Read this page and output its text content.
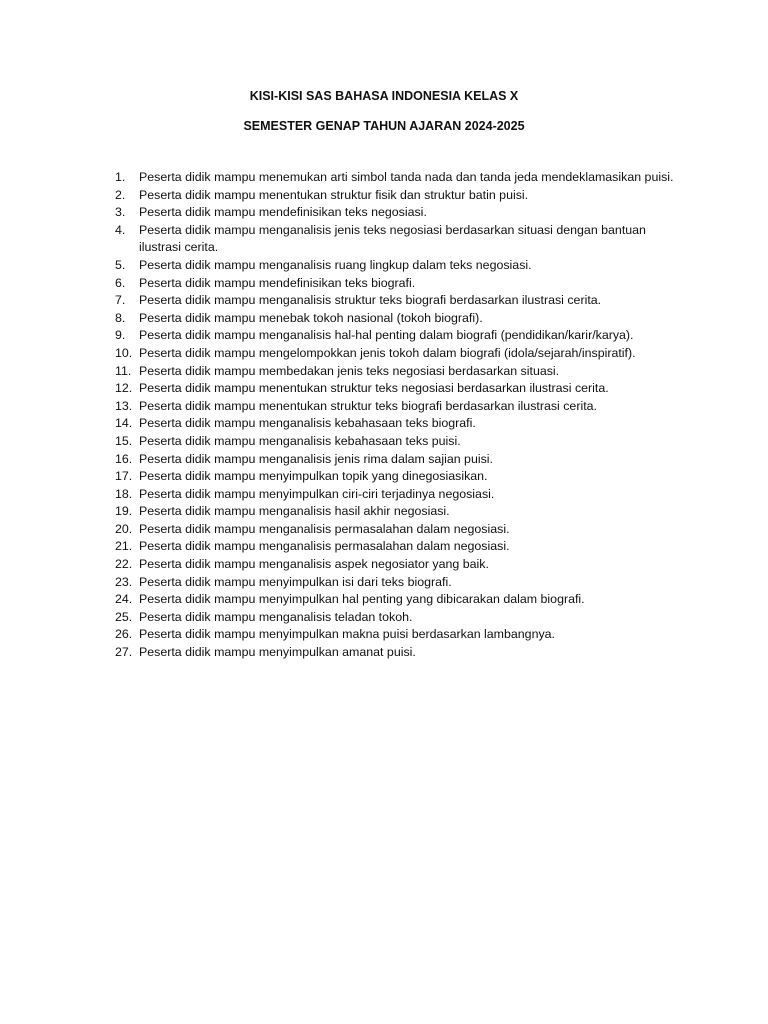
KISI-KISI SAS BAHASA INDONESIA KELAS X
SEMESTER GENAP TAHUN AJARAN 2024-2025
1.	Peserta didik mampu menemukan arti simbol tanda nada dan tanda jeda mendeklamasikan puisi.
2.	Peserta didik mampu menentukan struktur fisik dan struktur batin puisi.
3.	Peserta didik mampu mendefinisikan teks negosiasi.
4.	Peserta didik mampu menganalisis jenis teks negosiasi berdasarkan situasi dengan bantuan ilustrasi cerita.
5.	Peserta didik mampu menganalisis ruang lingkup dalam teks negosiasi.
6.	Peserta didik mampu mendefinisikan teks biografi.
7.	Peserta didik mampu menganalisis struktur teks biografi berdasarkan ilustrasi cerita.
8.	Peserta didik mampu menebak tokoh nasional (tokoh biografi).
9.	Peserta didik mampu menganalisis hal-hal penting dalam biografi (pendidikan/karir/karya).
10. Peserta didik mampu mengelompokkan jenis tokoh dalam biografi (idola/sejarah/inspiratif).
11. Peserta didik mampu membedakan jenis teks negosiasi berdasarkan situasi.
12. Peserta didik mampu menentukan struktur teks negosiasi berdasarkan ilustrasi cerita.
13. Peserta didik mampu menentukan struktur teks biografi berdasarkan ilustrasi cerita.
14. Peserta didik mampu menganalisis kebahasaan teks biografi.
15. Peserta didik mampu menganalisis kebahasaan teks puisi.
16. Peserta didik mampu menganalisis jenis rima dalam sajian puisi.
17. Peserta didik mampu menyimpulkan topik yang dinegosiasikan.
18. Peserta didik mampu menyimpulkan ciri-ciri terjadinya negosiasi.
19. Peserta didik mampu menganalisis hasil akhir negosiasi.
20. Peserta didik mampu menganalisis permasalahan dalam negosiasi.
21. Peserta didik mampu menganalisis permasalahan dalam negosiasi.
22. Peserta didik mampu menganalisis aspek negosiator yang baik.
23. Peserta didik mampu menyimpulkan isi dari teks biografi.
24. Peserta didik mampu menyimpulkan hal penting yang dibicarakan dalam biografi.
25. Peserta didik mampu menganalisis teladan tokoh.
26. Peserta didik mampu menyimpulkan makna puisi berdasarkan lambangnya.
27. Peserta didik mampu menyimpulkan amanat puisi.
